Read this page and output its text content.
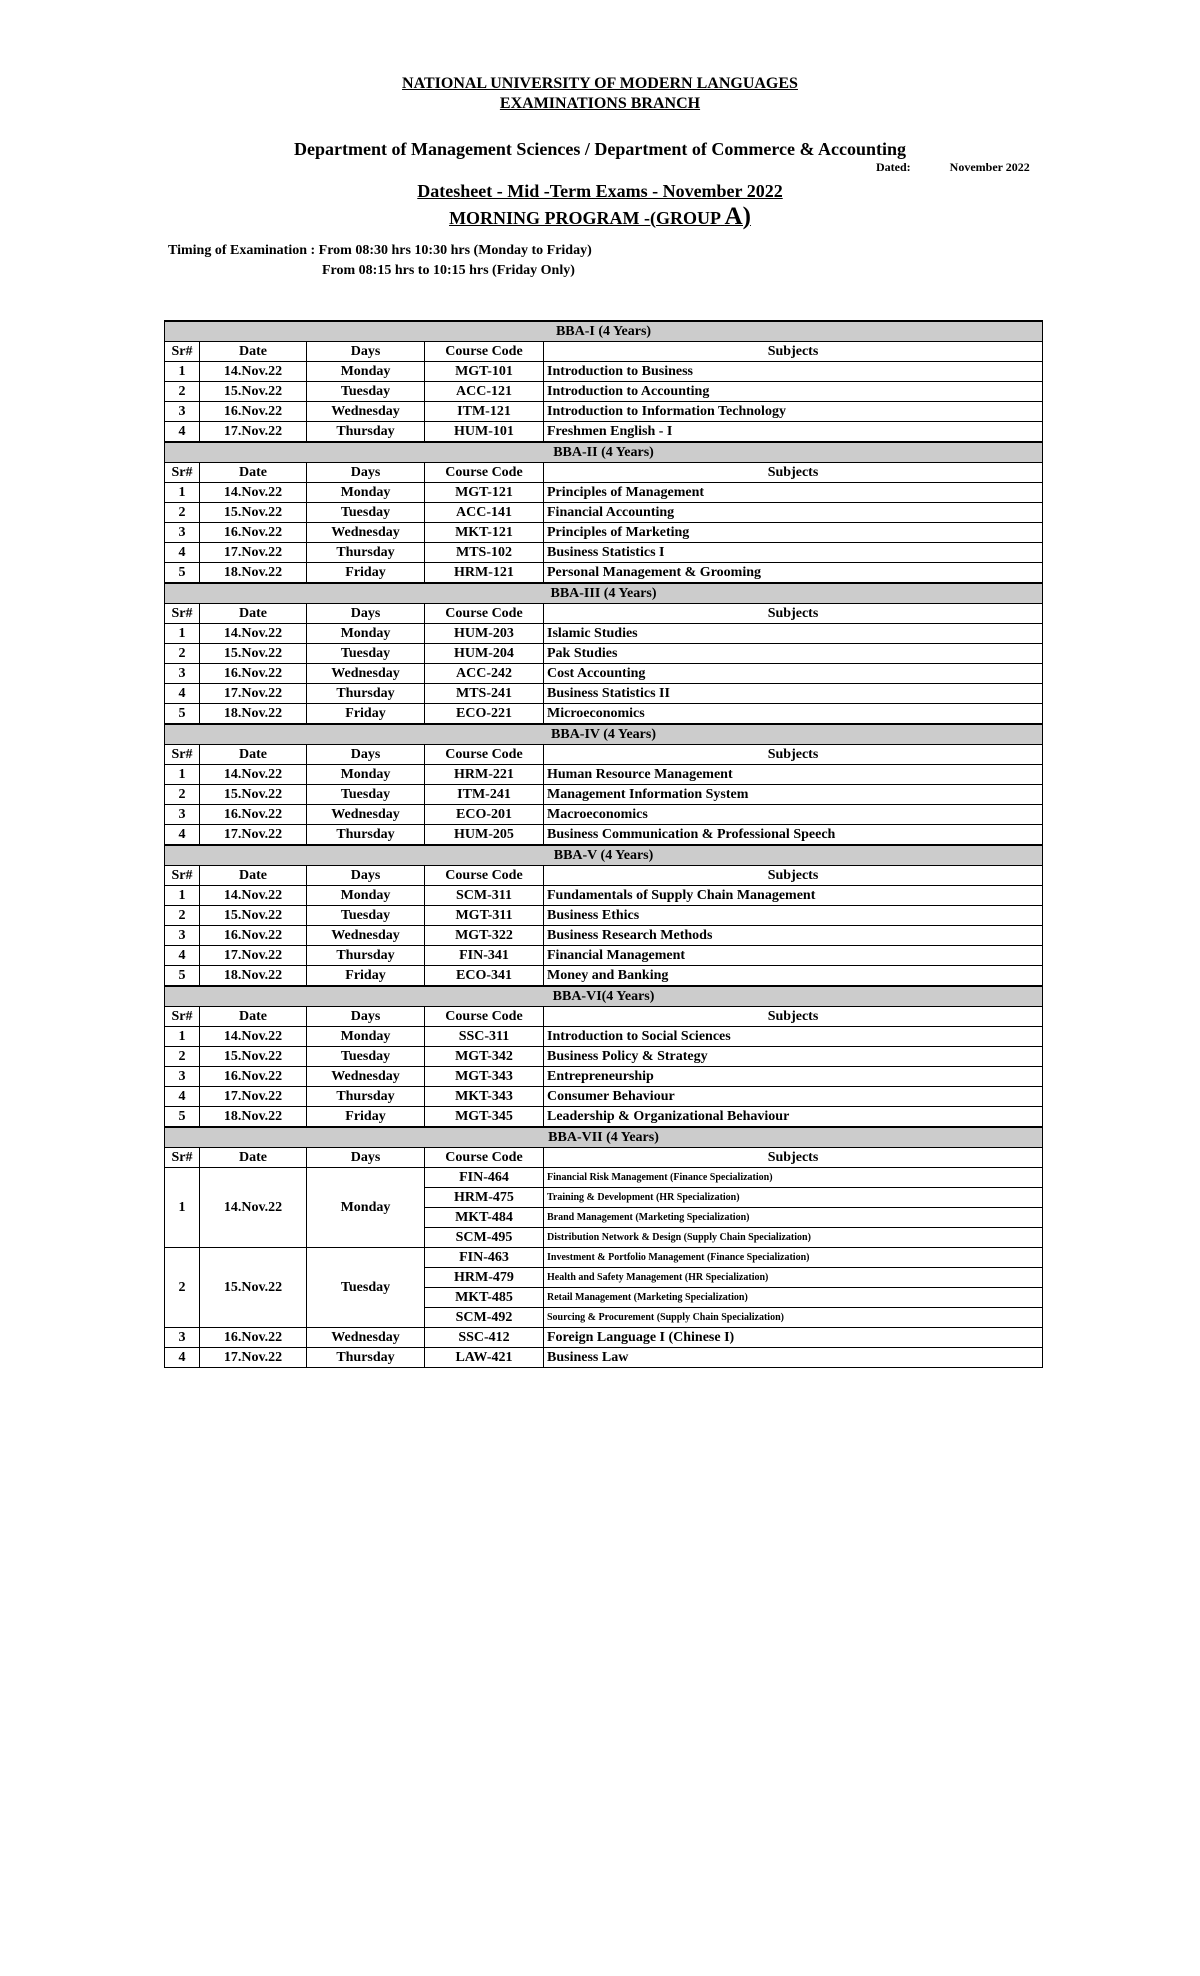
NATIONAL UNIVERSITY OF MODERN LANGUAGES
EXAMINATIONS BRANCH
Department of Management Sciences / Department of Commerce & Accounting
Dated:	November 2022
Datesheet - Mid -Term Exams - November 2022
MORNING PROGRAM -(GROUP A)
Timing of Examination : From 08:30 hrs 10:30 hrs (Monday to Friday)
From 08:15 hrs to 10:15 hrs (Friday Only)
BBA-I (4 Years)				
Sr#	Date	Days	Course Code	Subjects
1	14.Nov.22	Monday	MGT-101	Introduction to Business
2	15.Nov.22	Tuesday	ACC-121	Introduction to Accounting
3	16.Nov.22	Wednesday	ITM-121	Introduction to Information Technology
4	17.Nov.22	Thursday	HUM-101	Freshmen English - I
BBA-II (4 Years)				
Sr#	Date	Days	Course Code	Subjects
1	14.Nov.22	Monday	MGT-121	Principles of Management
2	15.Nov.22	Tuesday	ACC-141	Financial Accounting
3	16.Nov.22	Wednesday	MKT-121	Principles of Marketing
4	17.Nov.22	Thursday	MTS-102	Business Statistics I
5	18.Nov.22	Friday	HRM-121	Personal Management & Grooming
BBA-III (4 Years)				
Sr#	Date	Days	Course Code	Subjects
1	14.Nov.22	Monday	HUM-203	Islamic Studies
2	15.Nov.22	Tuesday	HUM-204	Pak Studies
3	16.Nov.22	Wednesday	ACC-242	Cost Accounting
4	17.Nov.22	Thursday	MTS-241	Business Statistics II
5	18.Nov.22	Friday	ECO-221	Microeconomics
BBA-IV (4 Years)				
Sr#	Date	Days	Course Code	Subjects
1	14.Nov.22	Monday	HRM-221	Human Resource Management
2	15.Nov.22	Tuesday	ITM-241	Management Information System
3	16.Nov.22	Wednesday	ECO-201	Macroeconomics
4	17.Nov.22	Thursday	HUM-205	Business Communication & Professional Speech
BBA-V (4 Years)				
Sr#	Date	Days	Course Code	Subjects
1	14.Nov.22	Monday	SCM-311	Fundamentals of Supply Chain Management
2	15.Nov.22	Tuesday	MGT-311	Business Ethics
3	16.Nov.22	Wednesday	MGT-322	Business Research Methods
4	17.Nov.22	Thursday	FIN-341	Financial Management
5	18.Nov.22	Friday	ECO-341	Money and Banking
BBA-VI(4 Years)				
Sr#	Date	Days	Course Code	Subjects
1	14.Nov.22	Monday	SSC-311	Introduction to Social Sciences
2	15.Nov.22	Tuesday	MGT-342	Business Policy & Strategy
3	16.Nov.22	Wednesday	MGT-343	Entrepreneurship
4	17.Nov.22	Thursday	MKT-343	Consumer Behaviour
5	18.Nov.22	Friday	MGT-345	Leadership & Organizational Behaviour
BBA-VII (4 Years)				
Sr#	Date	Days	Course Code	Subjects
1	14.Nov.22	Monday	FIN-464	Financial Risk Management (Finance Specialization)
			HRM-475	Training & Development (HR Specialization)
			MKT-484	Brand Management (Marketing Specialization)
			SCM-495	Distribution Network & Design (Supply Chain Specialization)
2	15.Nov.22	Tuesday	FIN-463	Investment & Portfolio Management (Finance Specialization)
			HRM-479	Health and Safety Management (HR Specialization)
			MKT-485	Retail Management (Marketing Specialization)
			SCM-492	Sourcing & Procurement (Supply Chain Specialization)
3	16.Nov.22	Wednesday	SSC-412	Foreign Language I (Chinese I)
4	17.Nov.22	Thursday	LAW-421	Business Law
